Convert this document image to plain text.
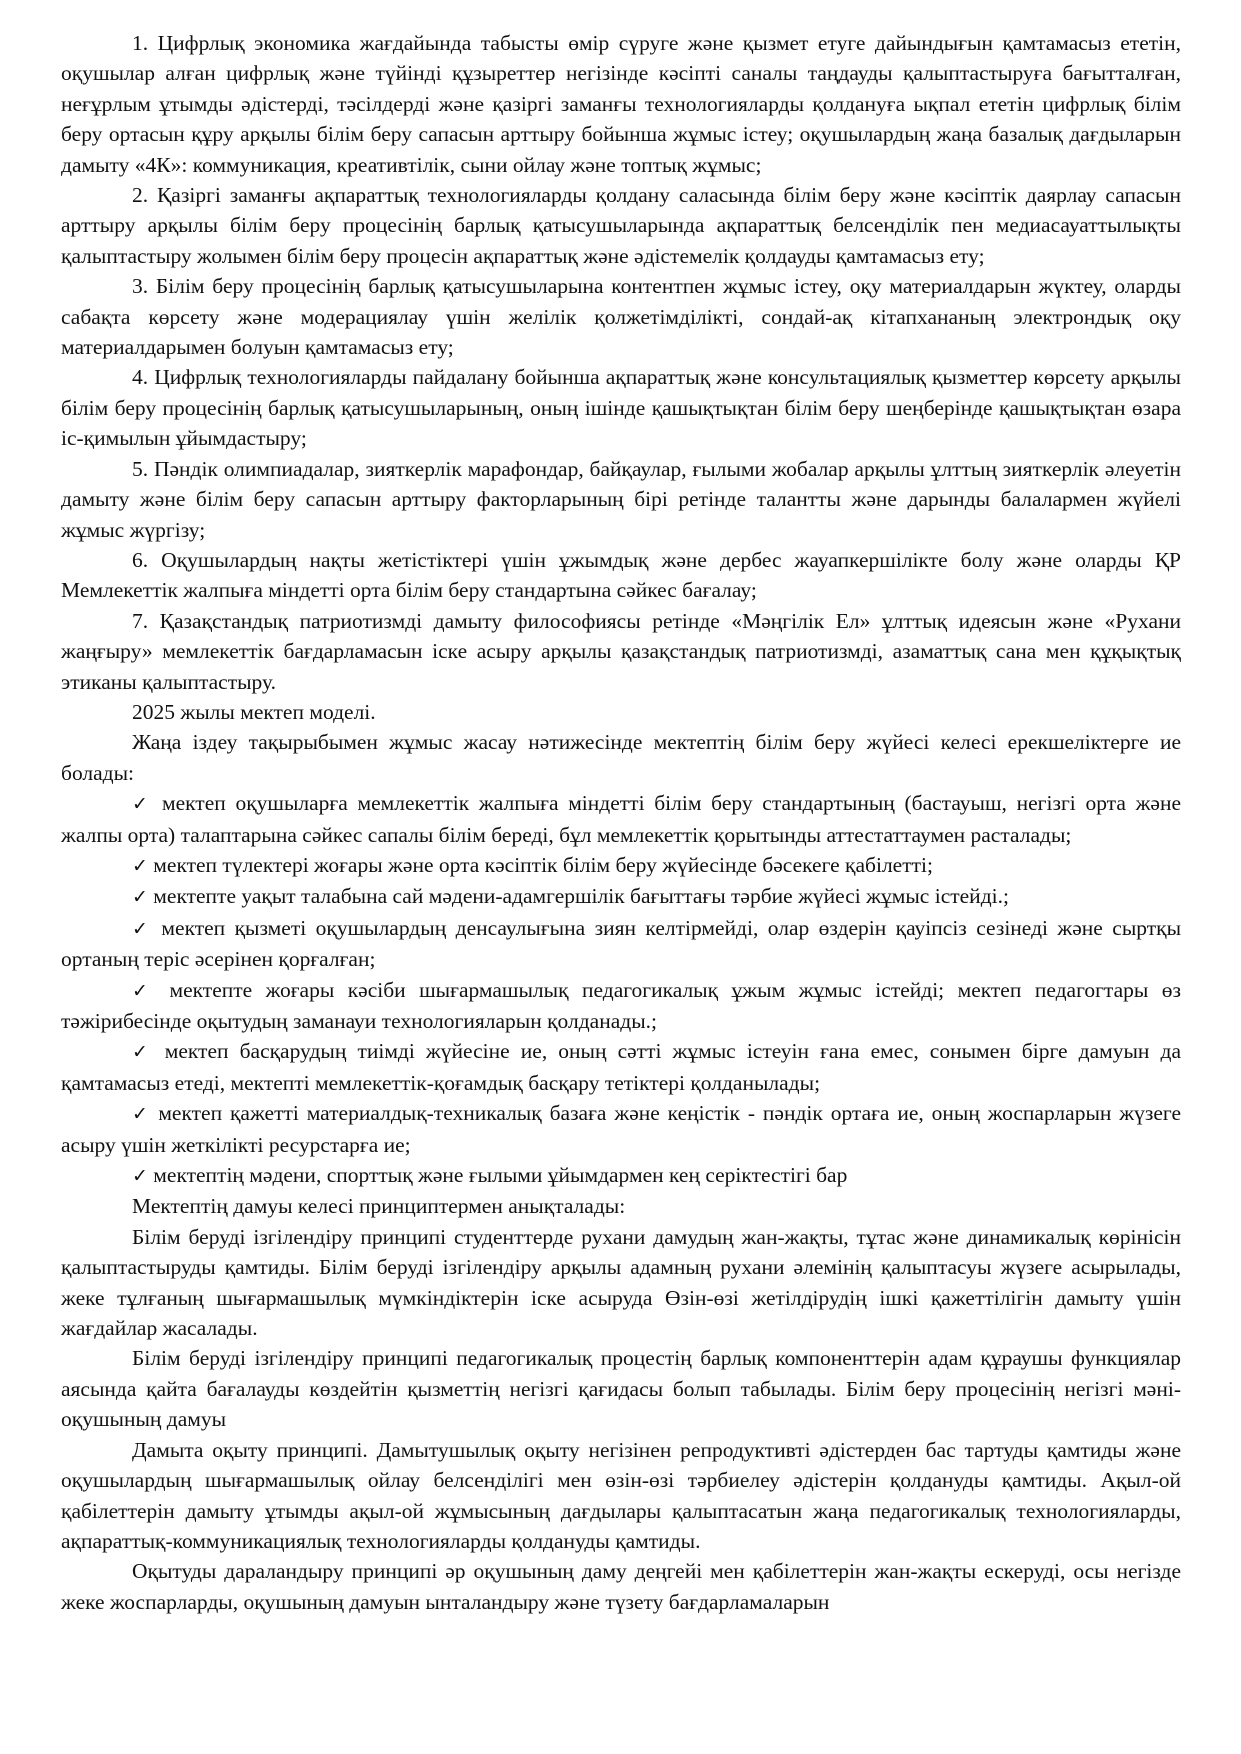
1. Цифрлық экономика жағдайында табысты өмір сүруге және қызмет етуге дайындығын қамтамасыз ететін, оқушылар алған цифрлық және түйінді құзыреттер негізінде кәсіпті саналы таңдауды қалыптастыруға бағытталған, неғұрлым ұтымды әдістерді, тәсілдерді және қазіргі заманғы технологияларды қолдануға ықпал ететін цифрлық білім беру ортасын құру арқылы білім беру сапасын арттыру бойынша жұмыс істеу; оқушылардың жаңа базалық дағдыларын дамыту «4К»: коммуникация, креативтілік, сыни ойлау және топтық жұмыс;

2. Қазіргі заманғы ақпараттық технологияларды қолдану саласында білім беру және кәсіптік даярлау сапасын арттыру арқылы білім беру процесінің барлық қатысушыларында ақпараттық белсенділік пен медиасауаттылықты қалыптастыру жолымен білім беру процесін ақпараттық және әдістемелік қолдауды қамтамасыз ету;

3. Білім беру процесінің барлық қатысушыларына контентпен жұмыс істеу, оқу материалдарын жүктеу, оларды сабақта көрсету және модерациялау үшін желілік қолжетімділікті, сондай-ақ кітапхананың электрондық оқу материалдарымен болуын қамтамасыз ету;

4. Цифрлық технологияларды пайдалану бойынша ақпараттық және консультациялық қызметтер көрсету арқылы білім беру процесінің барлық қатысушыларының, оның ішінде қашықтықтан білім беру шеңберінде қашықтықтан өзара іс-қимылын ұйымдастыру;

5. Пәндік олимпиадалар, зияткерлік марафондар, байқаулар, ғылыми жобалар арқылы ұлттың зияткерлік әлеуетін дамыту және білім беру сапасын арттыру факторларының бірі ретінде талантты және дарынды балалармен жүйелі жұмыс жүргізу;

6. Оқушылардың нақты жетістіктері үшін ұжымдық және дербес жауапкершілікте болу және оларды ҚР Мемлекеттік жалпыға міндетті орта білім беру стандартына сәйкес бағалау;

7. Қазақстандық патриотизмді дамыту философиясы ретінде «Мәңгілік Ел» ұлттық идеясын және «Рухани жаңғыру» мемлекеттік бағдарламасын іске асыру арқылы қазақстандық патриотизмді, азаматтық сана мен құқықтық этиканы қалыптастыру.

2025 жылы мектеп моделі.

Жаңа іздеу тақырыбымен жұмыс жасау нәтижесінде мектептің білім беру жүйесі келесі ерекшеліктерге ие болады:

✓ мектеп оқушыларға мемлекеттік жалпыға міндетті білім беру стандартының (бастауыш, негізгі орта және жалпы орта) талаптарына сәйкес сапалы білім береді, бұл мемлекеттік қорытынды аттестаттаумен расталады;

✓ мектеп түлектері жоғары және орта кәсіптік білім беру жүйесінде бәсекеге қабілетті;

✓ мектепте уақыт талабына сай мәдени-адамгершілік бағыттағы тәрбие жүйесі жұмыс істейді.;

✓ мектеп қызметі оқушылардың денсаулығына зиян келтірмейді, олар өздерін қауіпсіз сезінеді және сыртқы ортаның теріс әсерінен қорғалған;

✓ мектепте жоғары кәсіби шығармашылық педагогикалық ұжым жұмыс істейді; мектеп педагогтары өз тәжірибесінде оқытудың заманауи технологияларын қолданады.;

✓ мектеп басқарудың тиімді жүйесіне ие, оның сәтті жұмыс істеуін ғана емес, сонымен бірге дамуын да қамтамасыз етеді, мектепті мемлекеттік-қоғамдық басқару тетіктері қолданылады;

✓ мектеп қажетті материалдық-техникалық базаға және кеңістік - пәндік ортаға ие, оның жоспарларын жүзеге асыру үшін жеткілікті ресурстарға ие;

✓ мектептің мәдени, спорттық және ғылыми ұйымдармен кең серіктестігі бар

Мектептің дамуы келесі принциптермен анықталады:

Білім беруді ізгілендіру принципі студенттерде рухани дамудың жан-жақты, тұтас және динамикалық көрінісін қалыптастыруды қамтиды. Білім беруді ізгілендіру арқылы адамның рухани әлемінің қалыптасуы жүзеге асырылады, жеке тұлғаның шығармашылық мүмкіндіктерін іске асыруда Өзін-өзі жетілдірудің ішкі қажеттілігін дамыту үшін жағдайлар жасалады.

Білім беруді ізгілендіру принципі педагогикалық процестің барлық компоненттерін адам құраушы функциялар аясында қайта бағалауды көздейтін қызметтің негізгі қағидасы болып табылады. Білім беру процесінің негізгі мәні-оқушының дамуы

Дамыта оқыту принципі. Дамытушылық оқыту негізінен репродуктивті әдістерден бас тартуды қамтиды және оқушылардың шығармашылық ойлау белсенділігі мен өзін-өзі тәрбиелеу әдістерін қолдануды қамтиды. Ақыл-ой қабілеттерін дамыту ұтымды ақыл-ой жұмысының дағдылары қалыптасатын жаңа педагогикалық технологияларды, ақпараттық-коммуникациялық технологияларды қолдануды қамтиды.

Оқытуды дараландыру принципі әр оқушының даму деңгейі мен қабілеттерін жан-жақты ескеруді, осы негізде жеке жоспарларды, оқушының дамуын ынталандыру және түзету бағдарламаларын
